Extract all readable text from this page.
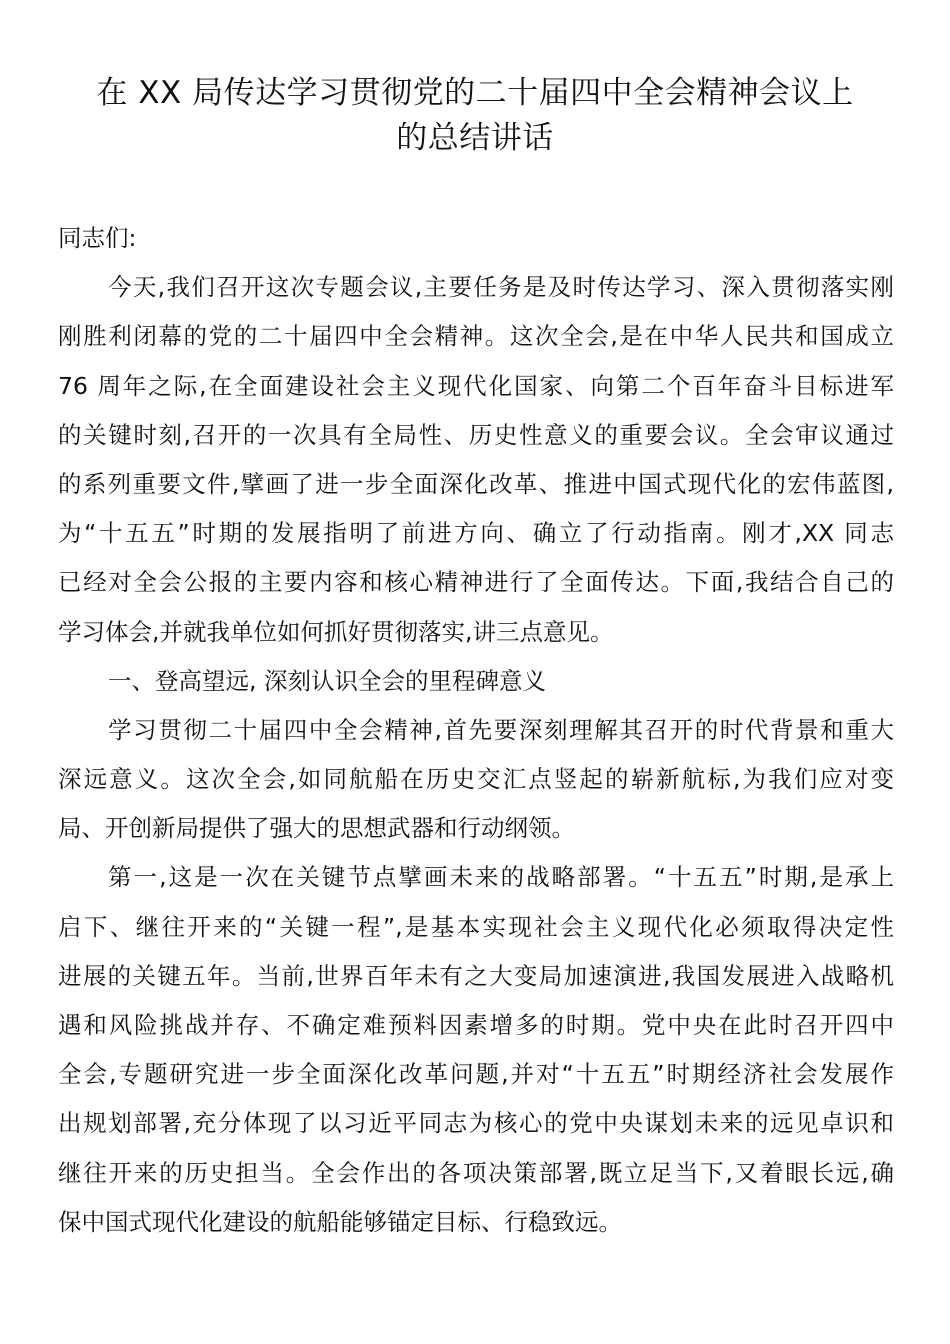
在 XX 局传达学习贯彻党的二十届四中全会精神会议上
的总结讲话
同志们:
今天,我们召开这次专题会议,主要任务是及时传达学习、深入贯彻落实刚
刚胜利闭幕的党的二十届四中全会精神。这次全会,是在中华人民共和国成立
76 周年之际,在全面建设社会主义现代化国家、向第二个百年奋斗目标进军
的关键时刻,召开的一次具有全局性、历史性意义的重要会议。全会审议通过
的系列重要文件,擘画了进一步全面深化改革、推进中国式现代化的宏伟蓝图,
为“十五五”时期的发展指明了前进方向、确立了行动指南。刚才,XX 同志
已经对全会公报的主要内容和核心精神进行了全面传达。下面,我结合自己的
学习体会,并就我单位如何抓好贯彻落实,讲三点意见。
一、登高望远, 深刻认识全会的里程碑意义
学习贯彻二十届四中全会精神,首先要深刻理解其召开的时代背景和重大
深远意义。这次全会,如同航船在历史交汇点竖起的崭新航标,为我们应对变
局、开创新局提供了强大的思想武器和行动纲领。
第一,这是一次在关键节点擘画未来的战略部署。“十五五”时期,是承上
启下、继往开来的“关键一程”,是基本实现社会主义现代化必须取得决定性
进展的关键五年。当前,世界百年未有之大变局加速演进,我国发展进入战略机
遇和风险挑战并存、不确定难预料因素增多的时期。党中央在此时召开四中
全会,专题研究进一步全面深化改革问题,并对“十五五”时期经济社会发展作
出规划部署,充分体现了以习近平同志为核心的党中央谋划未来的远见卓识和
继往开来的历史担当。全会作出的各项决策部署,既立足当下,又着眼长远,确
保中国式现代化建设的航船能够锚定目标、行稳致远。
